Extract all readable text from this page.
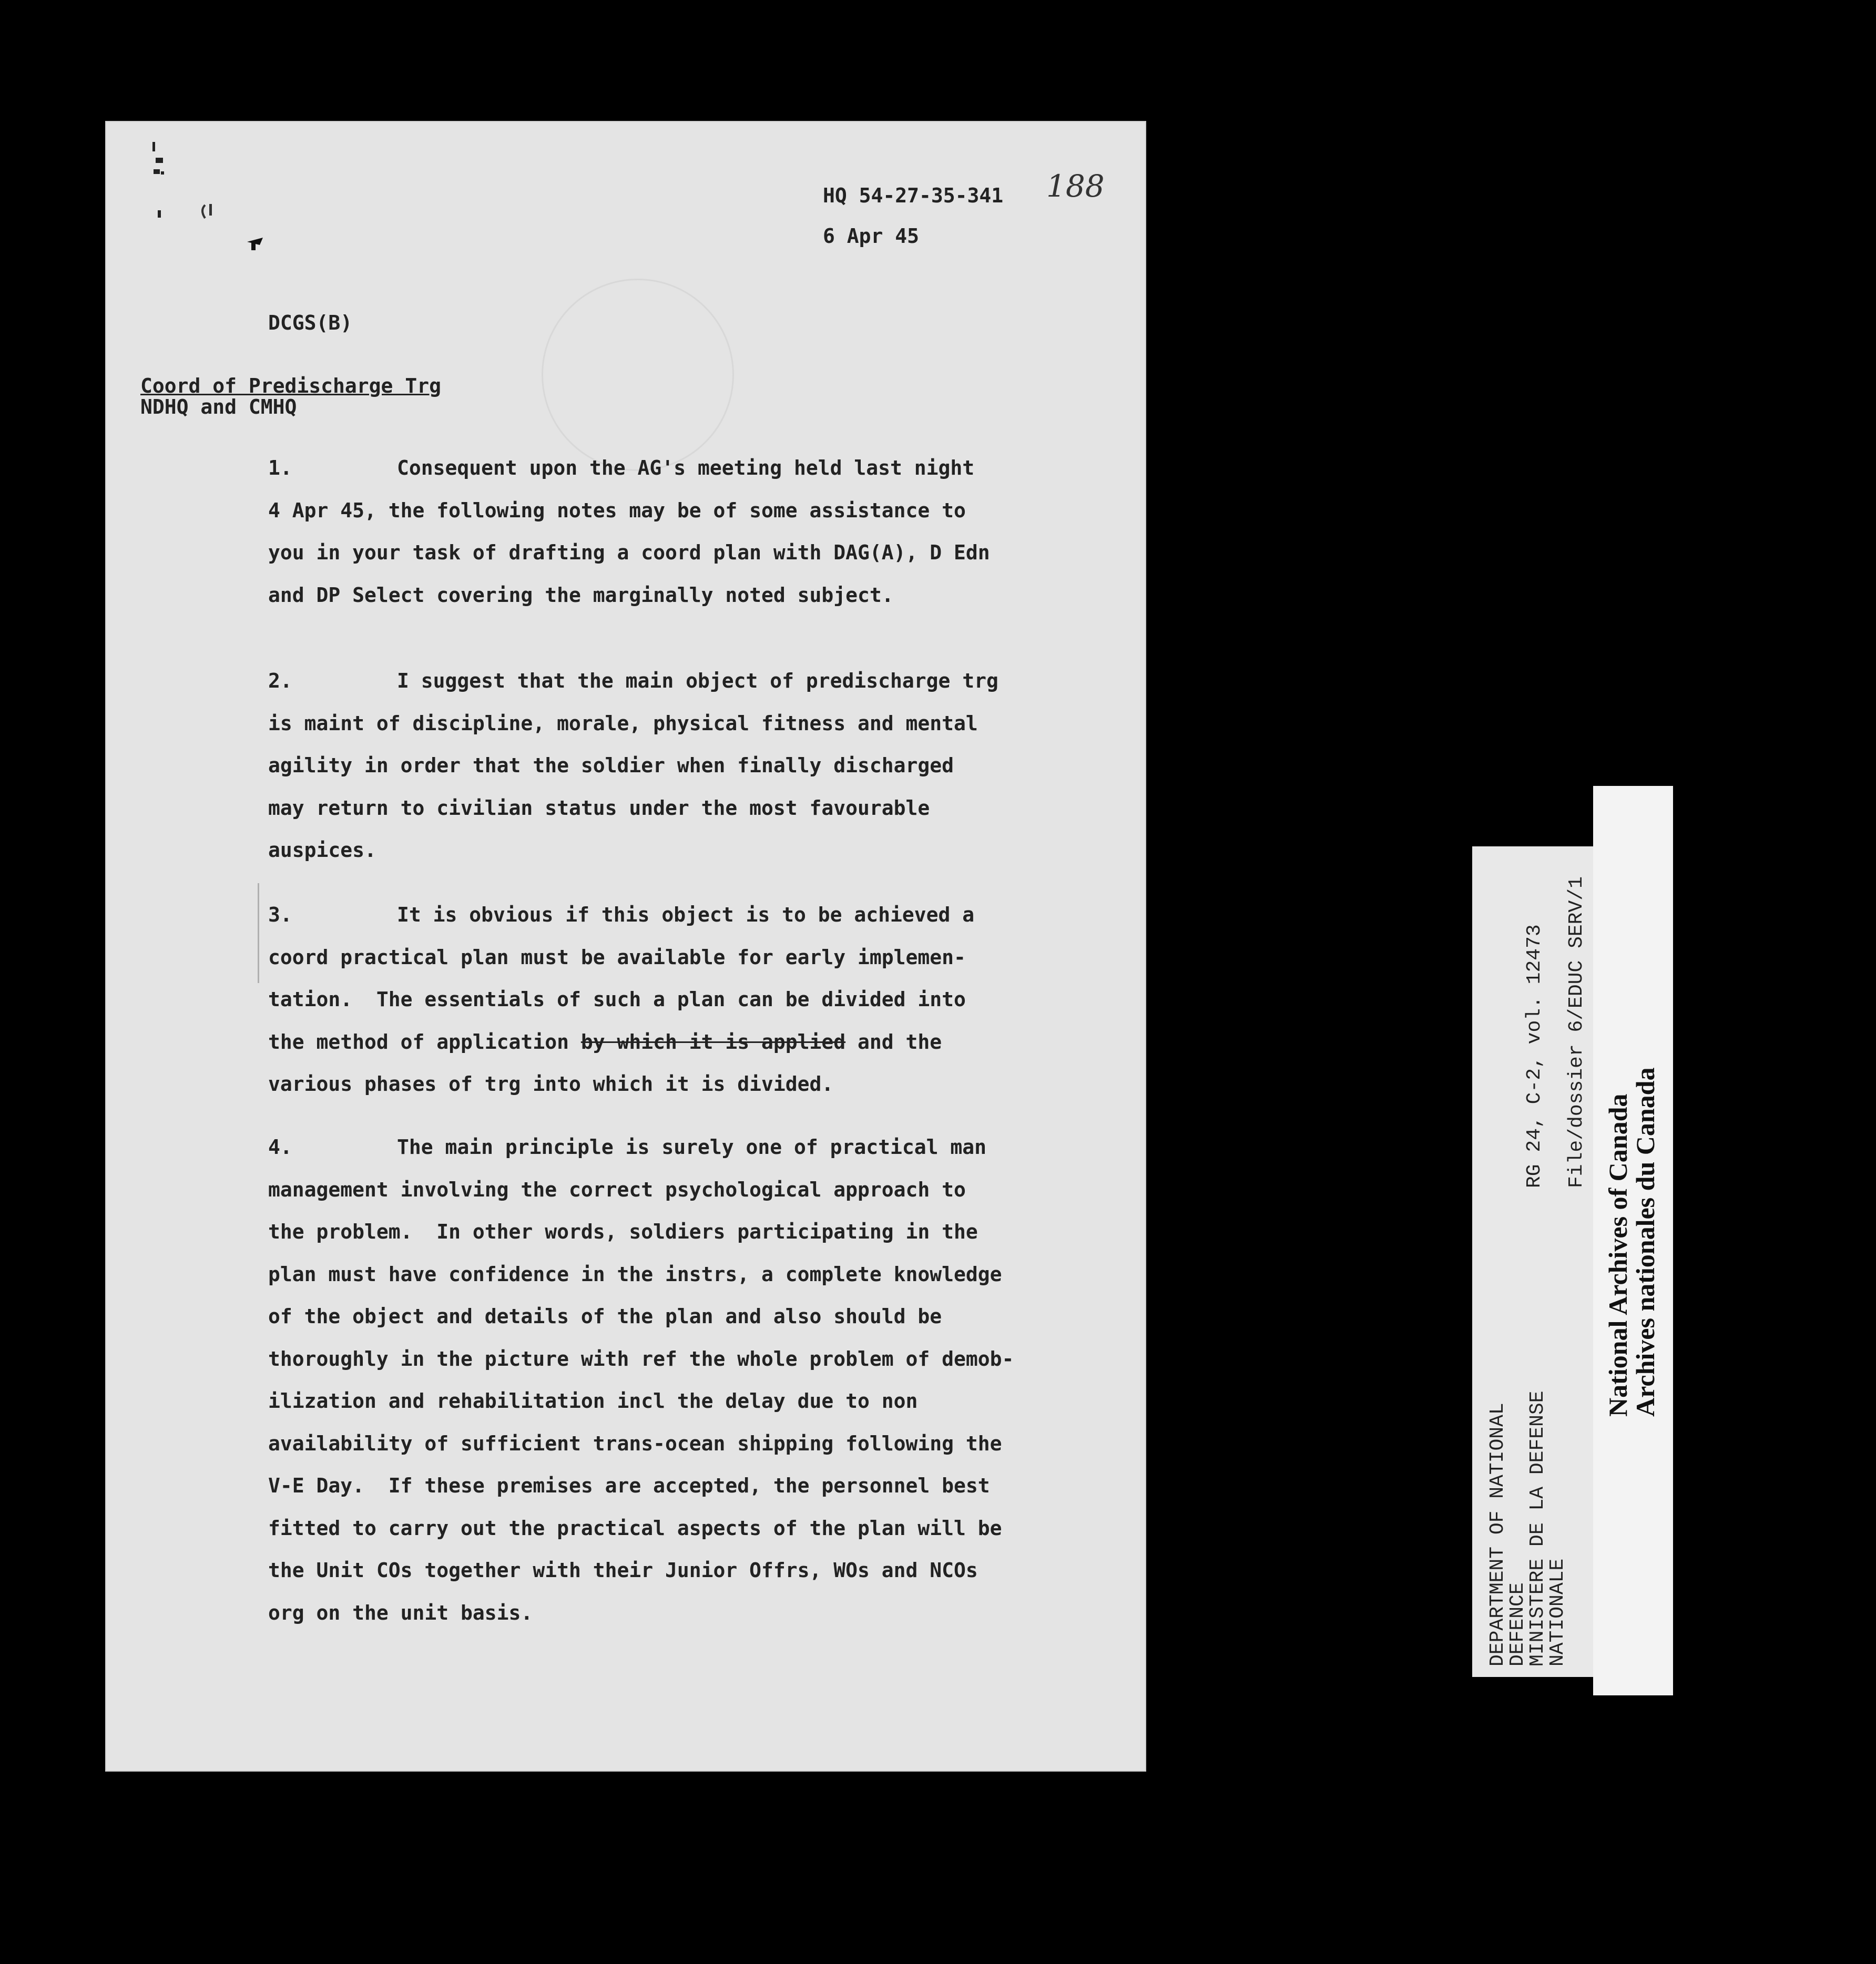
HQ 54-27-35-341 188
6 Apr 45
DCGS(B)
Coord of Predischarge Trg
NDHQ and CMHQ
1.	Consequent upon the AG's meeting held last night
4 Apr 45, the following notes may be of some assistance to
you in your task of drafting a coord plan with DAG(A), D Edn
and DP Select covering the marginally noted subject.
2.	I suggest that the main object of predischarge trg
is maint of discipline, morale, physical fitness and mental
agility in order that the soldier when finally discharged
may return to civilian status under the most favourable
auspices.
3.	It is obvious if this object is to be achieved a
coord practical plan must be available for early implemen-
tation.  The essentials of such a plan can be divided into
the method of application by which it is applied and the
various phases of trg into which it is divided.
4.	The main principle is surely one of practical man
management involving the correct psychological approach to
the problem.  In other words, soldiers participating in the
plan must have confidence in the instrs, a complete knowledge
of the object and details of the plan and also should be
thoroughly in the picture with ref the whole problem of demob-
ilization and rehabilitation incl the delay due to non
availability of sufficient trans-ocean shipping following the
V-E Day.  If these premises are accepted, the personnel best
fitted to carry out the practical aspects of the plan will be
the Unit COs together with their Junior Offrs, WOs and NCOs
org on the unit basis.	DEPARTMENT OF NATIONAL
DEFENCE
MINISTERE DE LA DEFENSE
NATIONALE
RG 24, C-2, vol. 12473 File/dossier 6/EDUC SERV/1
National Archives of Canada
Archives nationales du Canada
